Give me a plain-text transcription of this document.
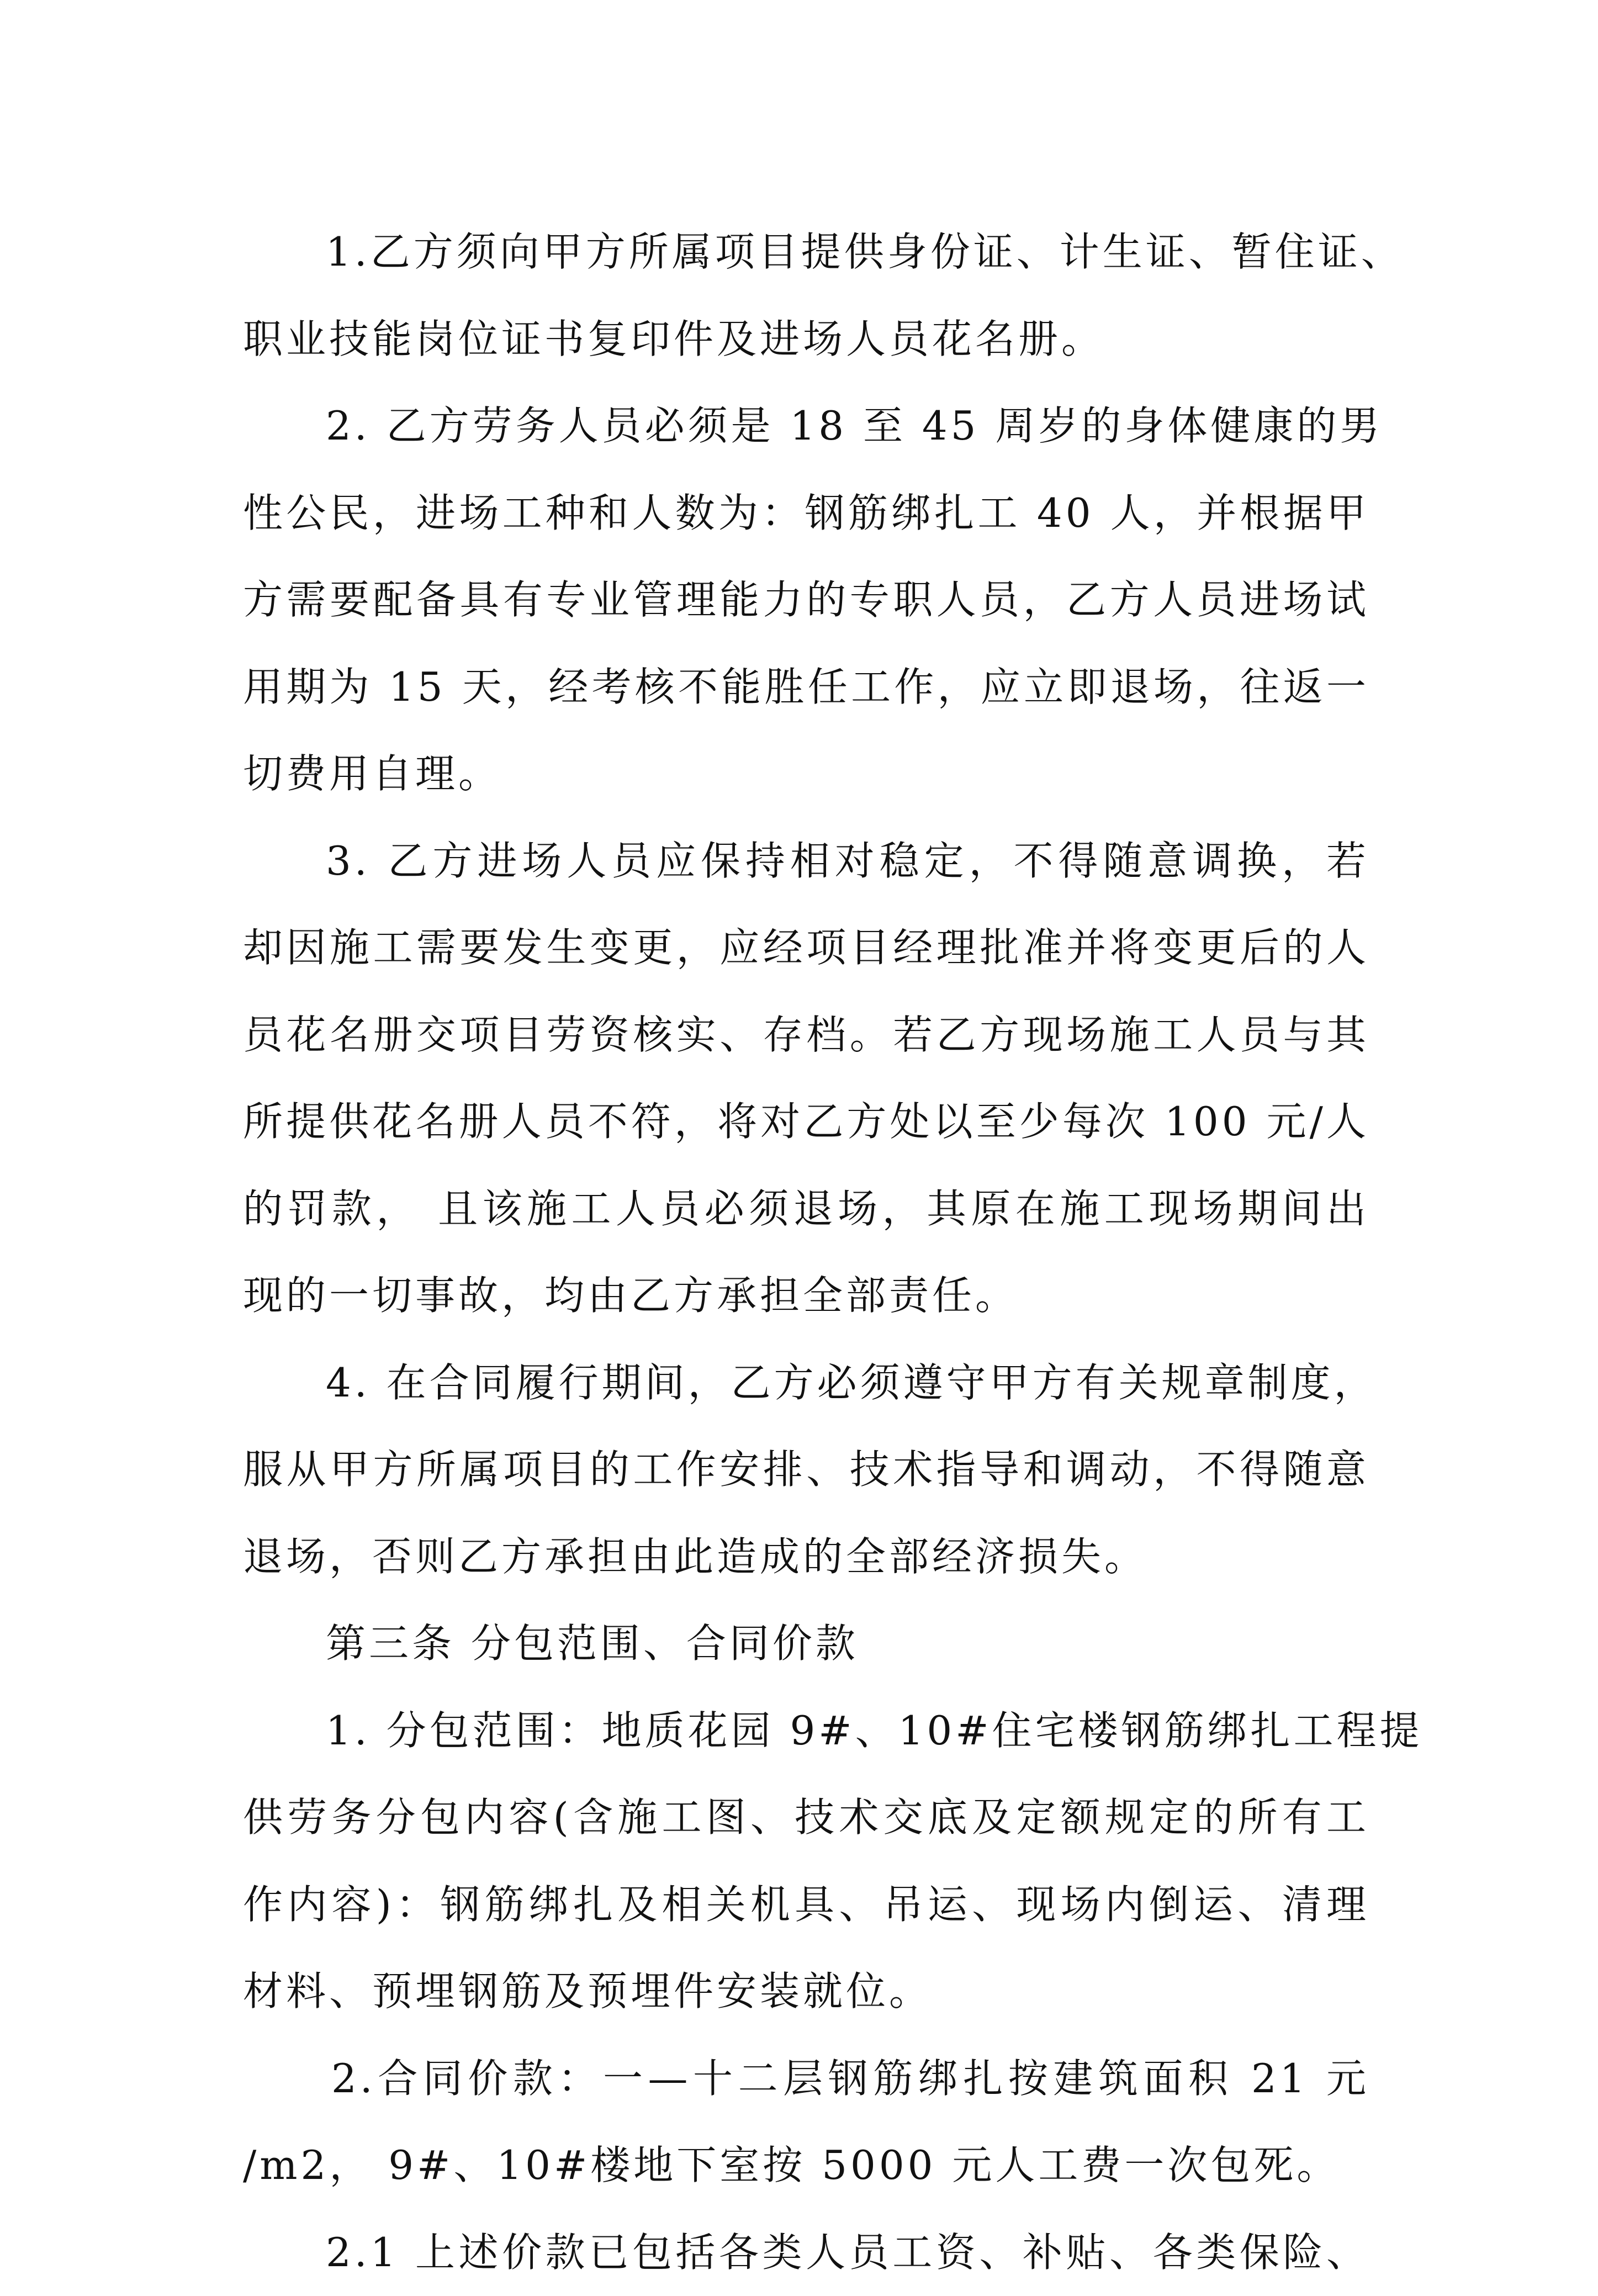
1.乙方须向甲方所属项目提供身份证、计生证、暂住证、
职业技能岗位证书复印件及进场人员花名册。
2. 乙方劳务人员必须是 18 至 45 周岁的身体健康的男
性公民，进场工种和人数为：钢筋绑扎工 40 人，并根据甲
方需要配备具有专业管理能力的专职人员，乙方人员进场试
用期为 15 天，经考核不能胜任工作，应立即退场，往返一
切费用自理。
3. 乙方进场人员应保持相对稳定，不得随意调换，若
却因施工需要发生变更，应经项目经理批准并将变更后的人
员花名册交项目劳资核实、存档。若乙方现场施工人员与其
所提供花名册人员不符，将对乙方处以至少每次 100 元/人
的罚款， 且该施工人员必须退场，其原在施工现场期间出
现的一切事故，均由乙方承担全部责任。
4. 在合同履行期间，乙方必须遵守甲方有关规章制度，
服从甲方所属项目的工作安排、技术指导和调动，不得随意
退场，否则乙方承担由此造成的全部经济损失。
第三条 分包范围、合同价款
1. 分包范围：地质花园 9#、10#住宅楼钢筋绑扎工程提
供劳务分包内容(含施工图、技术交底及定额规定的所有工
作内容)：钢筋绑扎及相关机具、吊运、现场内倒运、清理
材料、预埋钢筋及预埋件安装就位。
2.合同价款：一—十二层钢筋绑扎按建筑面积 21 元
/m2， 9#、10#楼地下室按 5000 元人工费一次包死。
2.1 上述价款已包括各类人员工资、补贴、各类保险、
